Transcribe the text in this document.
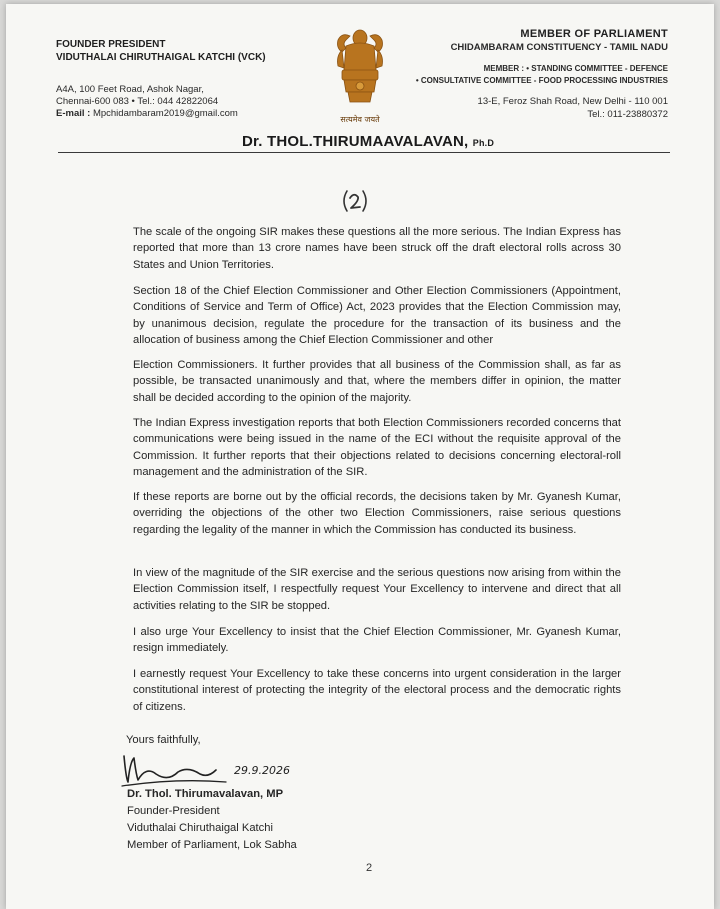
FOUNDER PRESIDENT
VIDUTHALAI CHIRUTHAIGAL KATCHI (VCK)
A4A, 100 Feet Road, Ashok Nagar,
Chennai-600 083 • Tel.: 044 42822064
E-mail : Mpchidambaram2019@gmail.com
सत्यमेव जयते
MEMBER OF PARLIAMENT
CHIDAMBARAM CONSTITUENCY - TAMIL NADU
MEMBER : • STANDING COMMITTEE - DEFENCE
• CONSULTATIVE COMMITTEE - FOOD PROCESSING INDUSTRIES
13-E, Feroz Shah Road, New Delhi - 110 001
Tel.: 011-23880372
Dr. THOL.THIRUMAAVALAVAN, Ph.D
(2)
The scale of the ongoing SIR makes these questions all the more serious. The Indian Express has reported that more than 13 crore names have been struck off the draft electoral rolls across 30 States and Union Territories.
Section 18 of the Chief Election Commissioner and Other Election Commissioners (Appointment, Conditions of Service and Term of Office) Act, 2023 provides that the Election Commission may, by unanimous decision, regulate the procedure for the transaction of its business and the allocation of business among the Chief Election Commissioner and other
Election Commissioners. It further provides that all business of the Commission shall, as far as possible, be transacted unanimously and that, where the members differ in opinion, the matter shall be decided according to the opinion of the majority.
The Indian Express investigation reports that both Election Commissioners recorded concerns that communications were being issued in the name of the ECI without the requisite approval of the Commission. It further reports that their objections related to decisions concerning electoral-roll management and the administration of the SIR.
If these reports are borne out by the official records, the decisions taken by Mr. Gyanesh Kumar, overriding the objections of the other two Election Commissioners, raise serious questions regarding the legality of the manner in which the Commission has conducted its business.
In view of the magnitude of the SIR exercise and the serious questions now arising from within the Election Commission itself, I respectfully request Your Excellency to intervene and direct that all activities relating to the SIR be stopped.
I also urge Your Excellency to insist that the Chief Election Commissioner, Mr. Gyanesh Kumar, resign immediately.
I earnestly request Your Excellency to take these concerns into urgent consideration in the larger constitutional interest of protecting the integrity of the electoral process and the democratic rights of citizens.
Yours faithfully,
29.9.2026
Dr. Thol. Thirumavalavan, MP
Founder-President
Viduthalai Chiruthaigal Katchi
Member of Parliament, Lok Sabha
2
